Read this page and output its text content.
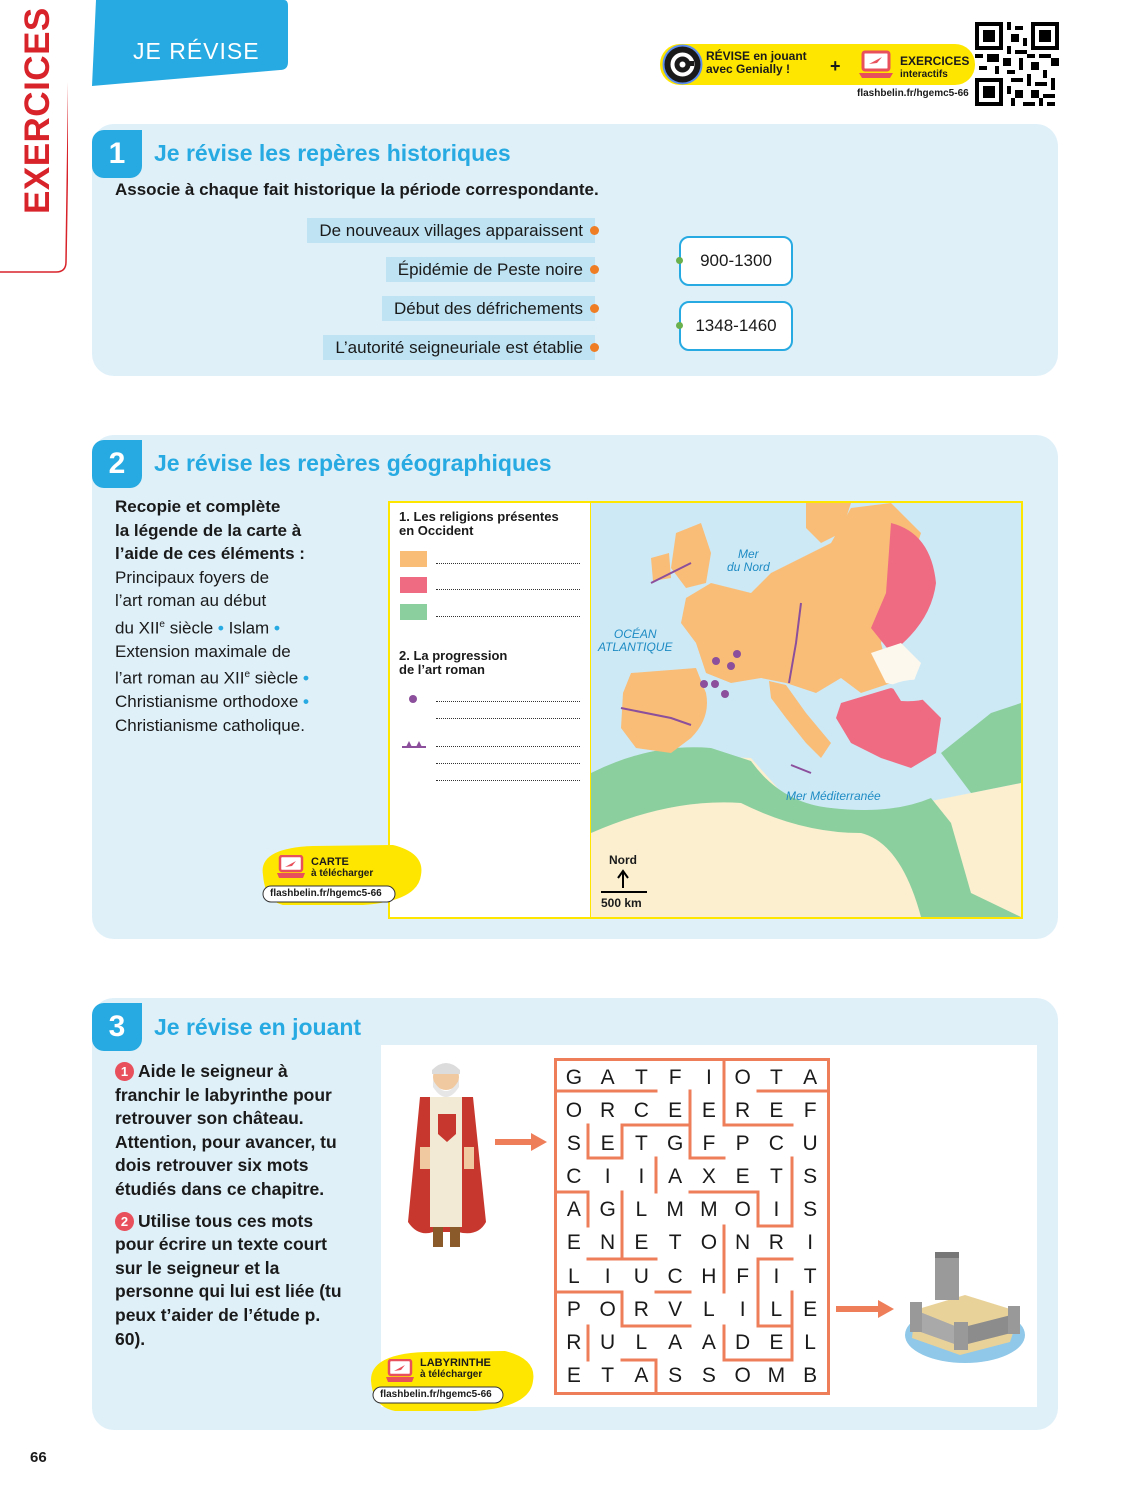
EXERCICES	JE RÉVISE	RÉVISE en jouant
avec Genially !	+	EXERCICES
interactifs
flashbelin.fr/hgemc5-66
1	Je révise les repères historiques
Associe à chaque fait historique la période correspondante.
De nouveaux villages apparaissent
Épidémie de Peste noire
Début des défrichements
L’autorité seigneuriale est établie
900-1300
1348-1460
2	Je révise les repères géographiques
Recopie et complète
la légende de la carte à
l’aide de ces éléments :
Principaux foyers de
l’art roman au début
du XIIe siècle • Islam •
Extension maximale de
l’art roman au XIIe siècle •
Christianisme orthodoxe •
Christianisme catholique.
1. Les religions présentes
en Occident
2. La progression
de l’art roman
Mer
du Nord
OCÉAN
ATLANTIQUE
Mer Méditerranée
Nord
500 km
CARTE
à télécharger
flashbelin.fr/hgemc5-66
3	Je révise en jouant

1 Aide le seigneur à franchir le labyrinthe pour retrouver son château. Attention, pour avancer, tu dois retrouver six mots étudiés dans ce chapitre.

2 Utilise tous ces mots pour écrire un texte court sur le seigneur et la personne qui lui est liée (tu peux t’aider de l’étude p. 60).

G A T F	I	O T A
O R C E E R E F
S E T G F P C U
C	I	I	A X E T S
A G L M M O	I	S
E N E T O N R	I
L	I	U C H F	I	T
P O R V L	I	L E
R U L A A D E L
E T A S S O M B
LABYRINTHE
à télécharger
flashbelin.fr/hgemc5-66
66
